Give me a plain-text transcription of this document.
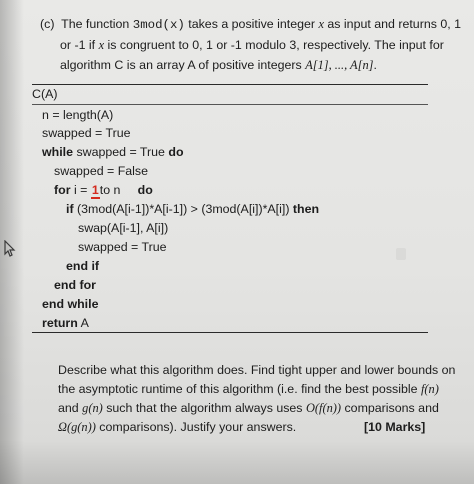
(c) The function 3mod(x) takes a positive integer x as input and returns 0, 1
or -1 if x is congruent to 0, 1 or -1 modulo 3, respectively. The input for
algorithm C is an array A of positive integers A[1], ..., A[n].
C(A)
n = length(A)
swapped = True
while swapped = True do
swapped = False
for i = 1to n do
if (3mod(A[i-1])*A[i-1]) > (3mod(A[i])*A[i]) then
swap(A[i-1], A[i])
swapped = True
end if
end for
end while
return A
Describe what this algorithm does. Find tight upper and lower bounds on
the asymptotic runtime of this algorithm (i.e. find the best possible f(n)
and g(n) such that the algorithm always uses O(f(n)) comparisons and
Ω(g(n)) comparisons). Justify your answers.	[10 Marks]
